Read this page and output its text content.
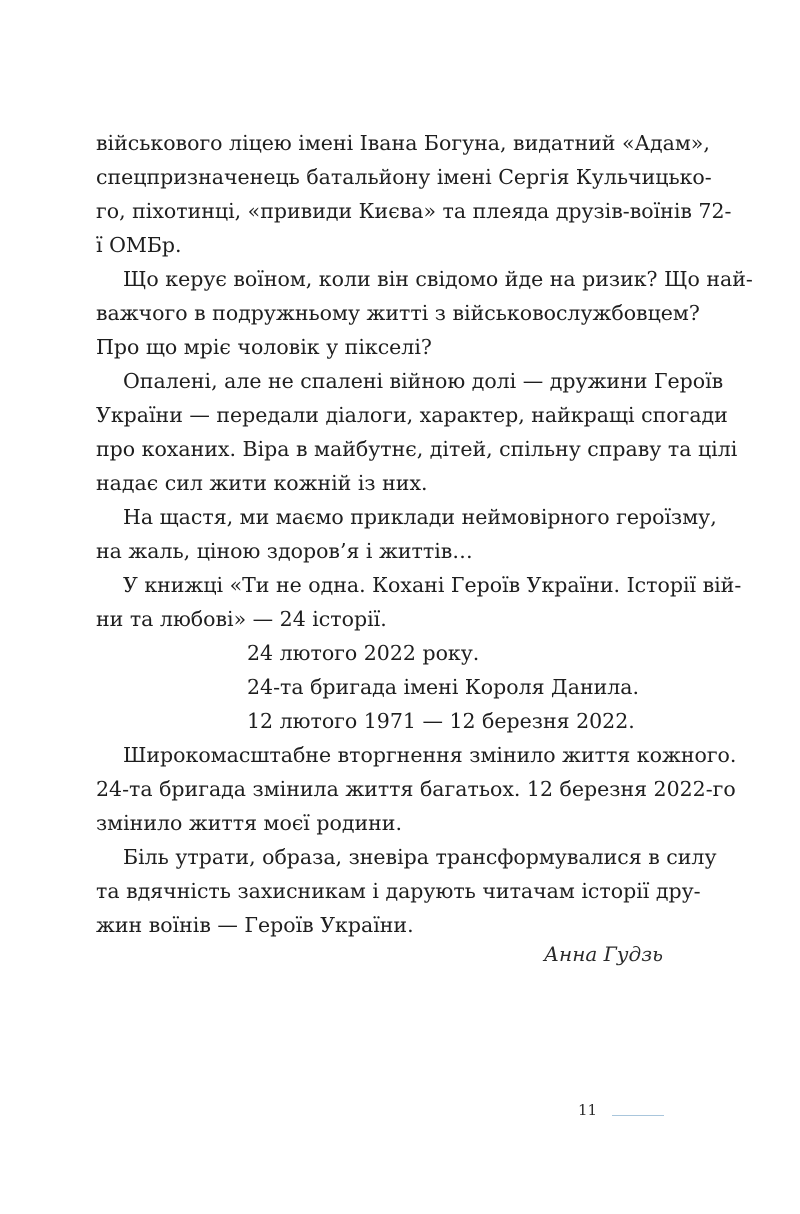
військового ліцею імені Івана Богуна, видатний «Адам»,
спецпризначенець батальйону імені Сергія Кульчицько-
го, піхотинці, «привиди Києва» та плеяда друзів-воїнів 72-
ї ОМБр.
Що керує воїном, коли він свідомо йде на ризик? Що най-
важчого в подружньому житті з військовослужбовцем?
Про що мріє чоловік у пікселі?
Опалені, але не спалені війною долі — дружини Героїв
України — передали діалоги, характер, найкращі спогади
про коханих. Віра в майбутнє, дітей, спільну справу та цілі
надає сил жити кожній із них.
На щастя, ми маємо приклади неймовірного героїзму,
на жаль, ціною здоров’я і життів…
У книжці «Ти не одна. Кохані Героїв України. Історії вій-
ни та любові» — 24 історії.
24 лютого 2022 року.
24-та бригада імені Короля Данила.
12 лютого 1971 — 12 березня 2022.
Широкомасштабне вторгнення змінило життя кожного.
24-та бригада змінила життя багатьох. 12 березня 2022-го
змінило життя моєї родини.
Біль утрати, образа, зневіра трансформувалися в силу
та вдячність захисникам і дарують читачам історії дру-
жин воїнів — Героїв України.
Анна Гудзь
11
